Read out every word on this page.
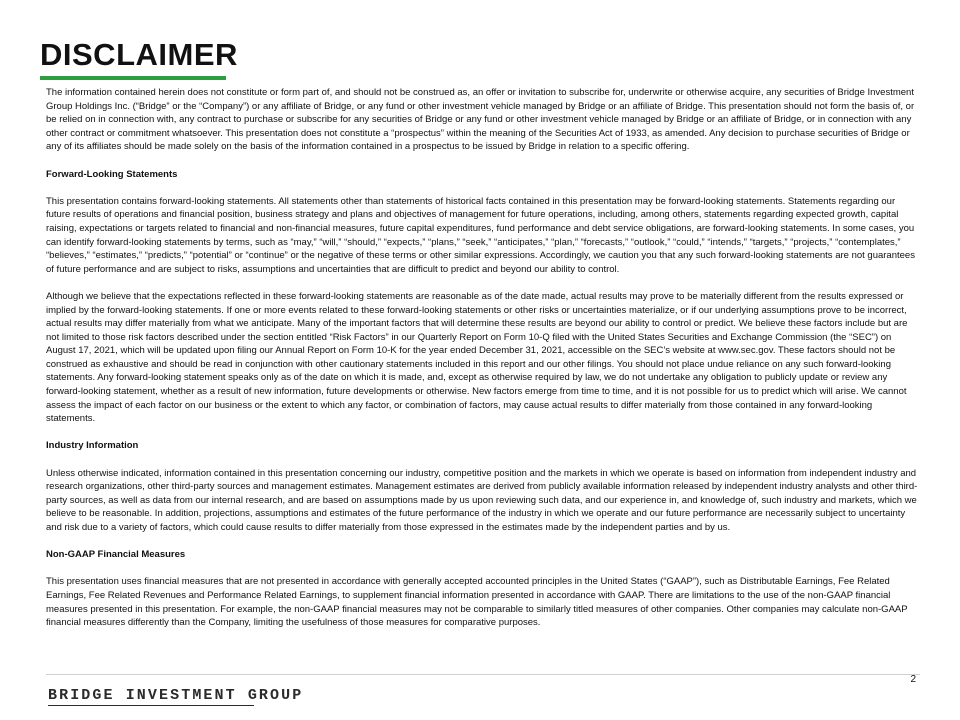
DISCLAIMER

The information contained herein does not constitute or form part of, and should not be construed as, an offer or invitation to subscribe for, underwrite or otherwise acquire, any securities of Bridge Investment Group Holdings Inc. (“Bridge” or the “Company”) or any affiliate of Bridge, or any fund or other investment vehicle managed by Bridge or an affiliate of Bridge. This presentation should not form the basis of, or be relied on in connection with, any contract to purchase or subscribe for any securities of Bridge or any fund or other investment vehicle managed by Bridge or an affiliate of Bridge, or in connection with any other contract or commitment whatsoever. This presentation does not constitute a “prospectus” within the meaning of the Securities Act of 1933, as amended. Any decision to purchase securities of Bridge or any of its affiliates should be made solely on the basis of the information contained in a prospectus to be issued by Bridge in relation to a specific offering.

Forward-Looking Statements

This presentation contains forward-looking statements. All statements other than statements of historical facts contained in this presentation may be forward-looking statements. Statements regarding our future results of operations and financial position, business strategy and plans and objectives of management for future operations, including, among others, statements regarding expected growth, capital raising, expectations or targets related to financial and non-financial measures, future capital expenditures, fund performance and debt service obligations, are forward-looking statements. In some cases, you can identify forward-looking statements by terms, such as “may,” “will,” “should,” “expects,” “plans,” “seek,” “anticipates,” “plan,” “forecasts,” “outlook,” “could,” “intends,” “targets,” “projects,” “contemplates,” “believes,” “estimates,” “predicts,” “potential” or “continue” or the negative of these terms or other similar expressions. Accordingly, we caution you that any such forward-looking statements are not guarantees of future performance and are subject to risks, assumptions and uncertainties that are difficult to predict and beyond our ability to control.

Although we believe that the expectations reflected in these forward-looking statements are reasonable as of the date made, actual results may prove to be materially different from the results expressed or implied by the forward-looking statements. If one or more events related to these forward-looking statements or other risks or uncertainties materialize, or if our underlying assumptions prove to be incorrect, actual results may differ materially from what we anticipate. Many of the important factors that will determine these results are beyond our ability to control or predict. We believe these factors include but are not limited to those risk factors described under the section entitled “Risk Factors” in our Quarterly Report on Form 10-Q filed with the United States Securities and Exchange Commission (the “SEC”) on August 17, 2021, which will be updated upon filing our Annual Report on Form 10-K for the year ended December 31, 2021, accessible on the SEC’s website at www.sec.gov. These factors should not be construed as exhaustive and should be read in conjunction with other cautionary statements included in this report and our other filings. You should not place undue reliance on any such forward-looking statements. Any forward-looking statement speaks only as of the date on which it is made, and, except as otherwise required by law, we do not undertake any obligation to publicly update or review any forward-looking statement, whether as a result of new information, future developments or otherwise. New factors emerge from time to time, and it is not possible for us to predict which will arise. We cannot assess the impact of each factor on our business or the extent to which any factor, or combination of factors, may cause actual results to differ materially from those contained in any forward-looking statements.

Industry Information

Unless otherwise indicated, information contained in this presentation concerning our industry, competitive position and the markets in which we operate is based on information from independent industry and research organizations, other third-party sources and management estimates. Management estimates are derived from publicly available information released by independent industry analysts and other third-party sources, as well as data from our internal research, and are based on assumptions made by us upon reviewing such data, and our experience in, and knowledge of, such industry and markets, which we believe to be reasonable. In addition, projections, assumptions and estimates of the future performance of the industry in which we operate and our future performance are necessarily subject to uncertainty and risk due to a variety of factors, which could cause results to differ materially from those expressed in the estimates made by the independent parties and by us.

Non-GAAP Financial Measures

This presentation uses financial measures that are not presented in accordance with generally accepted accounted principles in the United States (“GAAP”), such as Distributable Earnings, Fee Related Earnings, Fee Related Revenues and Performance Related Earnings, to supplement financial information presented in accordance with GAAP. There are limitations to the use of the non-GAAP financial measures presented in this presentation. For example, the non-GAAP financial measures may not be comparable to similarly titled measures of other companies. Other companies may calculate non-GAAP financial measures differently than the Company, limiting the usefulness of those measures for comparative purposes.

BRIDGE INVESTMENT GROUP
2
